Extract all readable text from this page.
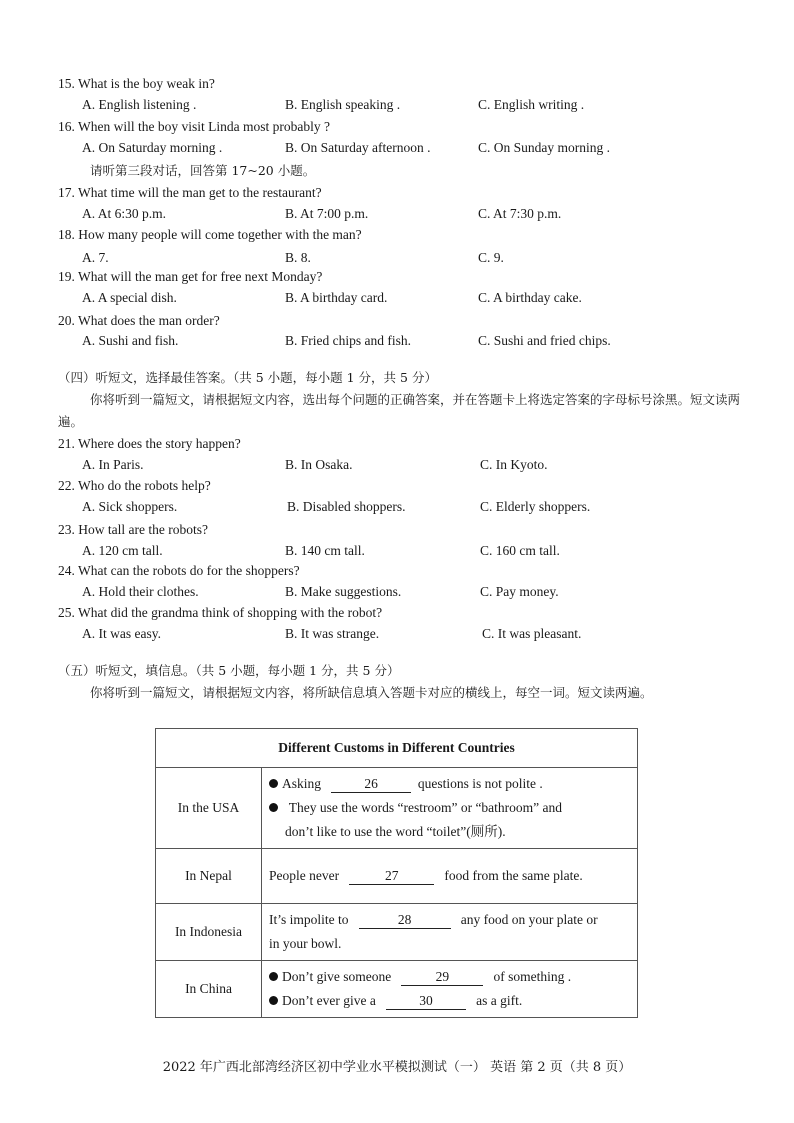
15. What is the boy weak in?
A. English listening .	B. English speaking .	C. English writing .
16. When will the boy visit Linda most probably ?
A. On Saturday morning .	B. On Saturday afternoon .	C. On Sunday morning .
请听第三段对话，回答第 17~20 小题。
17. What time will the man get to the restaurant?
A. At 6:30 p.m.	B. At 7:00 p.m.	C. At 7:30 p.m.
18. How many people will come together with the man?
A. 7.	B. 8.	C. 9.
19. What will the man get for free next Monday?
A. A special dish.	B. A birthday card.	C. A birthday cake.
20. What does the man order?
A. Sushi and fish.	B. Fried chips and fish.	C. Sushi and fried chips.
（四）听短文，选择最佳答案。（共 5 小题，每小题 1 分，共 5 分）
你将听到一篇短文，请根据短文内容，选出每个问题的正确答案，并在答题卡上将选定答案的字母标号涂黑。短文读两遍。
21. Where does the story happen?
A. In Paris.	B. In Osaka.	C. In Kyoto.
22. Who do the robots help?
A. Sick shoppers.	B. Disabled shoppers.	C. Elderly shoppers.
23. How tall are the robots?
A. 120 cm tall.	B. 140 cm tall.	C. 160 cm tall.
24. What can the robots do for the shoppers?
A. Hold their clothes.	B. Make suggestions.	C. Pay money.
25. What did the grandma think of shopping with the robot?
A. It was easy.	B. It was strange.	C. It was pleasant.
（五）听短文，填信息。（共 5 小题，每小题 1 分，共 5 分）
你将听到一篇短文，请根据短文内容，将所缺信息填入答题卡对应的横线上，每空一词。短文读两遍。
Different Customs in Different Countries	
In the USA	Asking 26 questions is not polite .
They use the words “restroom” or “bathroom” and
don’t like to use the word “toilet”(厕所).

In Nepal	People never 27 food from the same plate.
In Indonesia	It’s impolite to 28 any food on your plate or
in your bowl.

In China	Don’t give someone 29 of something .
Don’t ever give a 30 as a gift.
2022 年广西北部湾经济区初中学业水平模拟测试（一） 英语 第 2 页（共 8 页）
